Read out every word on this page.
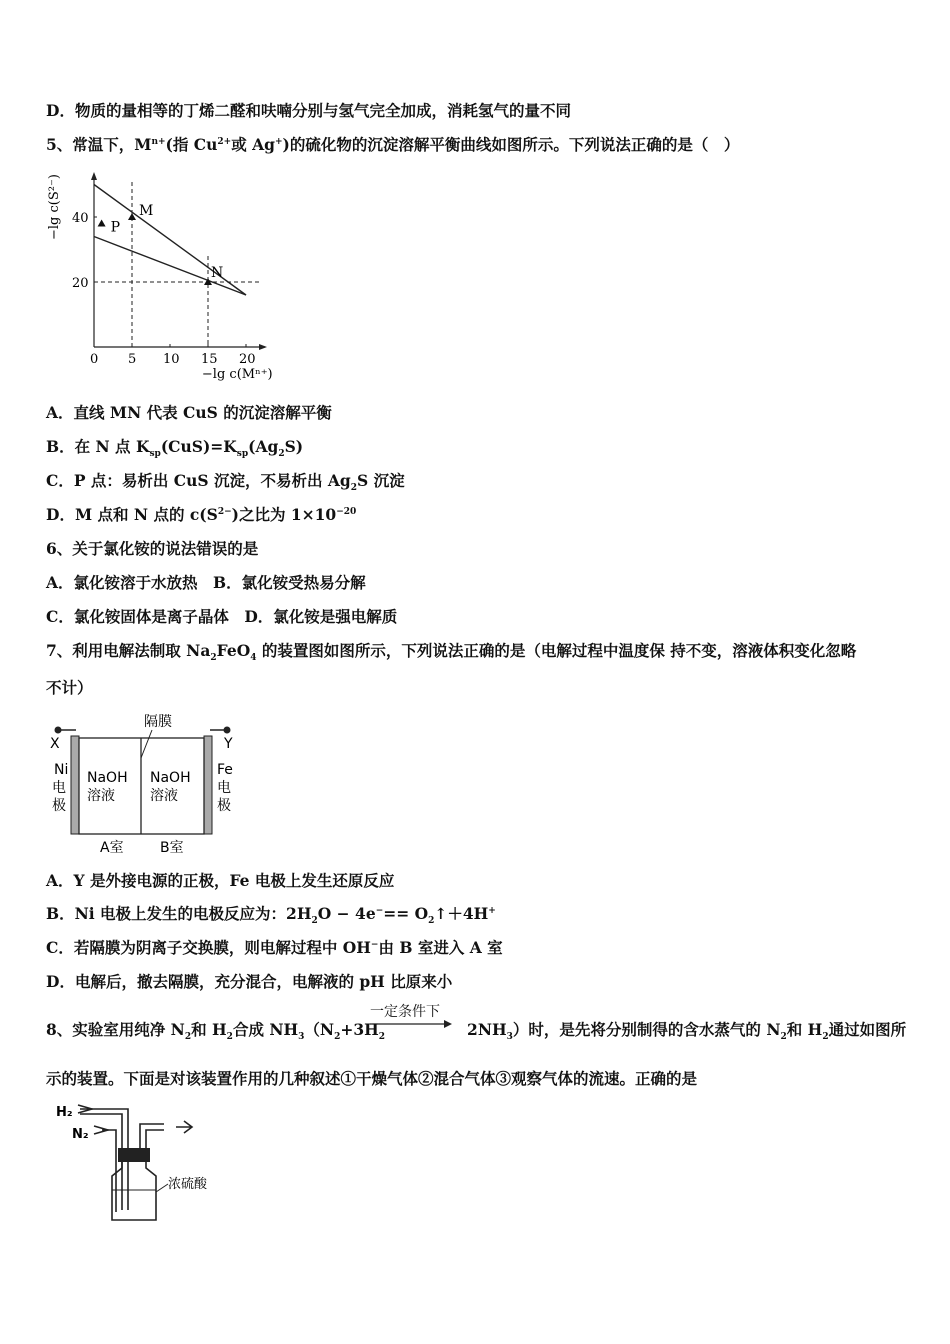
D．物质的量相等的丁烯二醛和呋喃分别与氢气完全加成，消耗氢气的量不同
5、常温下，$M^{n+}$(指 $Cu^{2+}$或 Ag+)的硫化物的沉淀溶解平衡曲线如图所示。下列说法正确的是（　）
0 5 10 15 20
40
20
M
N
P
−lg c(S²⁻)
−lg c(Mⁿ⁺)
A．直线 MN 代表 CuS 的沉淀溶解平衡
B．在 N 点 $K_{sp}(CuS)=K_{sp}(Ag_2S)$
C．P 点：易析出 CuS 沉淀，不易析出 $Ag_2S$ 沉淀
D．M 点和 N 点的 $c(S^{2-})$之比为 $1\times 10^{-20}$
6、关于氯化铵的说法错误的是
A．氯化铵溶于水放热　B．氯化铵受热易分解
C．氯化铵固体是离子晶体　D．氯化铵是强电解质
7、利用电解法制取 $Na_2FeO_4$ 的装置图如图所示，下列说法正确的是（电解过程中温度保 持不变，溶液体积变化忽略
不计）
X	Y
隔膜
Ni
电
极
Fe
电
极
NaOH
溶液
NaOH
溶液
A室	B室
A．Y 是外接电源的正极，Fe 电极上发生还原反应
B．Ni 电极上发生的电极反应为：$2H_2O - 4e^-==$ $O_2↑+4H^+$
C．若隔膜为阴离子交换膜，则电解过程中 OH−由 B 室进入 A 室
D．电解后，撤去隔膜，充分混合，电解液的 pH 比原来小
一定条件下
8、实验室用纯净 $N_2$和 $H_2$合成 $NH_3(N_2+3H_2$	$2NH_3$）时，是先将分别制得的含水蒸气的 $N_2$和 $H_2$通过如图所
示的装置。下面是对该装置作用的几种叙述①干燥气体②混合气体③观察气体的流速。正确的是
H₂
N₂
浓硫酸
